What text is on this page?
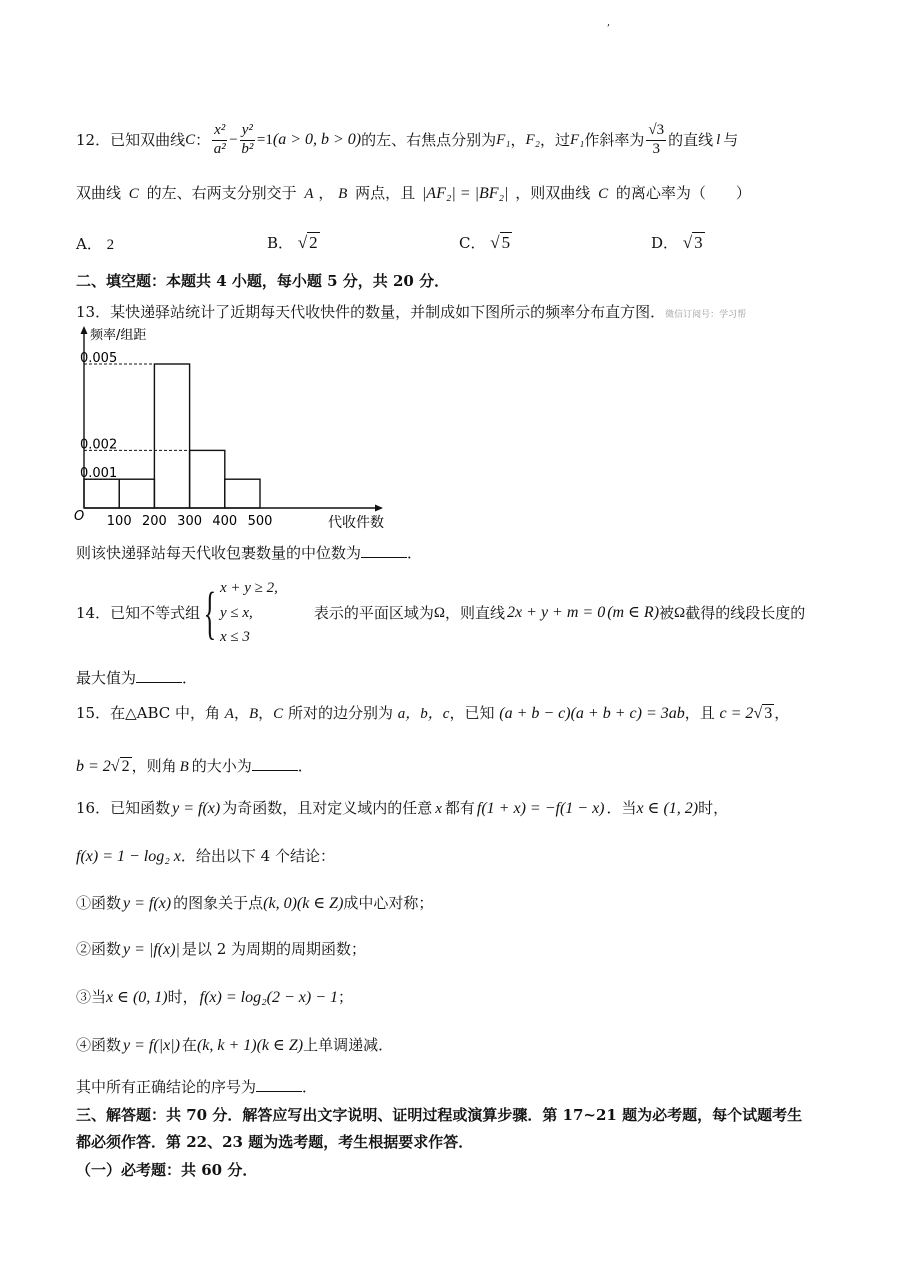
,
12．已知双曲线 C ： $\frac{\text{x²}}{\text{a²}} - \frac{\text{y²}}{\text{b²}} =1$ (a > 0, b > 0) 的左、右焦点分别为 F₁ ， F₂ ，过 F₁ 作斜率为 $\frac{√3}{3}$ 的直线 l 与
双曲线 C 的左、右两支分别交于 A ， B 两点，且 |AF₂| = |BF₂| ，则双曲线 C 的离心率为（　　）
A． 2	B． √ 2	C． √ 5	D． √ 3
二、填空题：本题共 4 小题，每小题 5 分，共 20 分．
13．某快递驿站统计了近期每天代收快件的数量，并制成如下图所示的频率分布直方图．微信订阅号：学习帮
频率/组距
代收件数
0.005
0.002
0.001
O 100 200 300 400 500
则该快递驿站每天代收包裹数量的中位数为	．
14．已知不等式组 { x + y ≥ 2,
y ≤ x,
x ≤ 3
表示的平面区域为 Ω ，则直线 2x + y + m = 0 (m ∈ R) 被 Ω 截得的线段长度的
最大值为	．
15．在△ABC 中，角 A，B，C 所对的边分别为 a，b，c，已知 (a + b − c)(a + b + c) = 3ab，且 c = 2√ 3 ，
b = 2√ 2 ，则角 B 的大小为	．
16．已知函数 y = f(x) 为奇函数，且对定义域内的任意 x 都有 f(1 + x) = −f(1 − x) ．当x ∈ (1, 2)时，
f(x) = 1 − log₂ x．给出以下 4 个结论：
①函数 y = f(x) 的图象关于点(k, 0)(k ∈ Z)成中心对称；
②函数 y = |f(x)| 是以 2 为周期的周期函数；
③当x ∈ (0, 1)时， f(x) = log₂(2 − x) − 1；
④函数 y = f(|x|) 在(k, k + 1)(k ∈ Z)上单调递减．
其中所有正确结论的序号为	．
三、解答题：共 70 分．解答应写出文字说明、证明过程或演算步骤．第 17~21 题为必考题，每个试题考生
都必须作答．第 22、23 题为选考题，考生根据要求作答．
（一）必考题：共 60 分．
